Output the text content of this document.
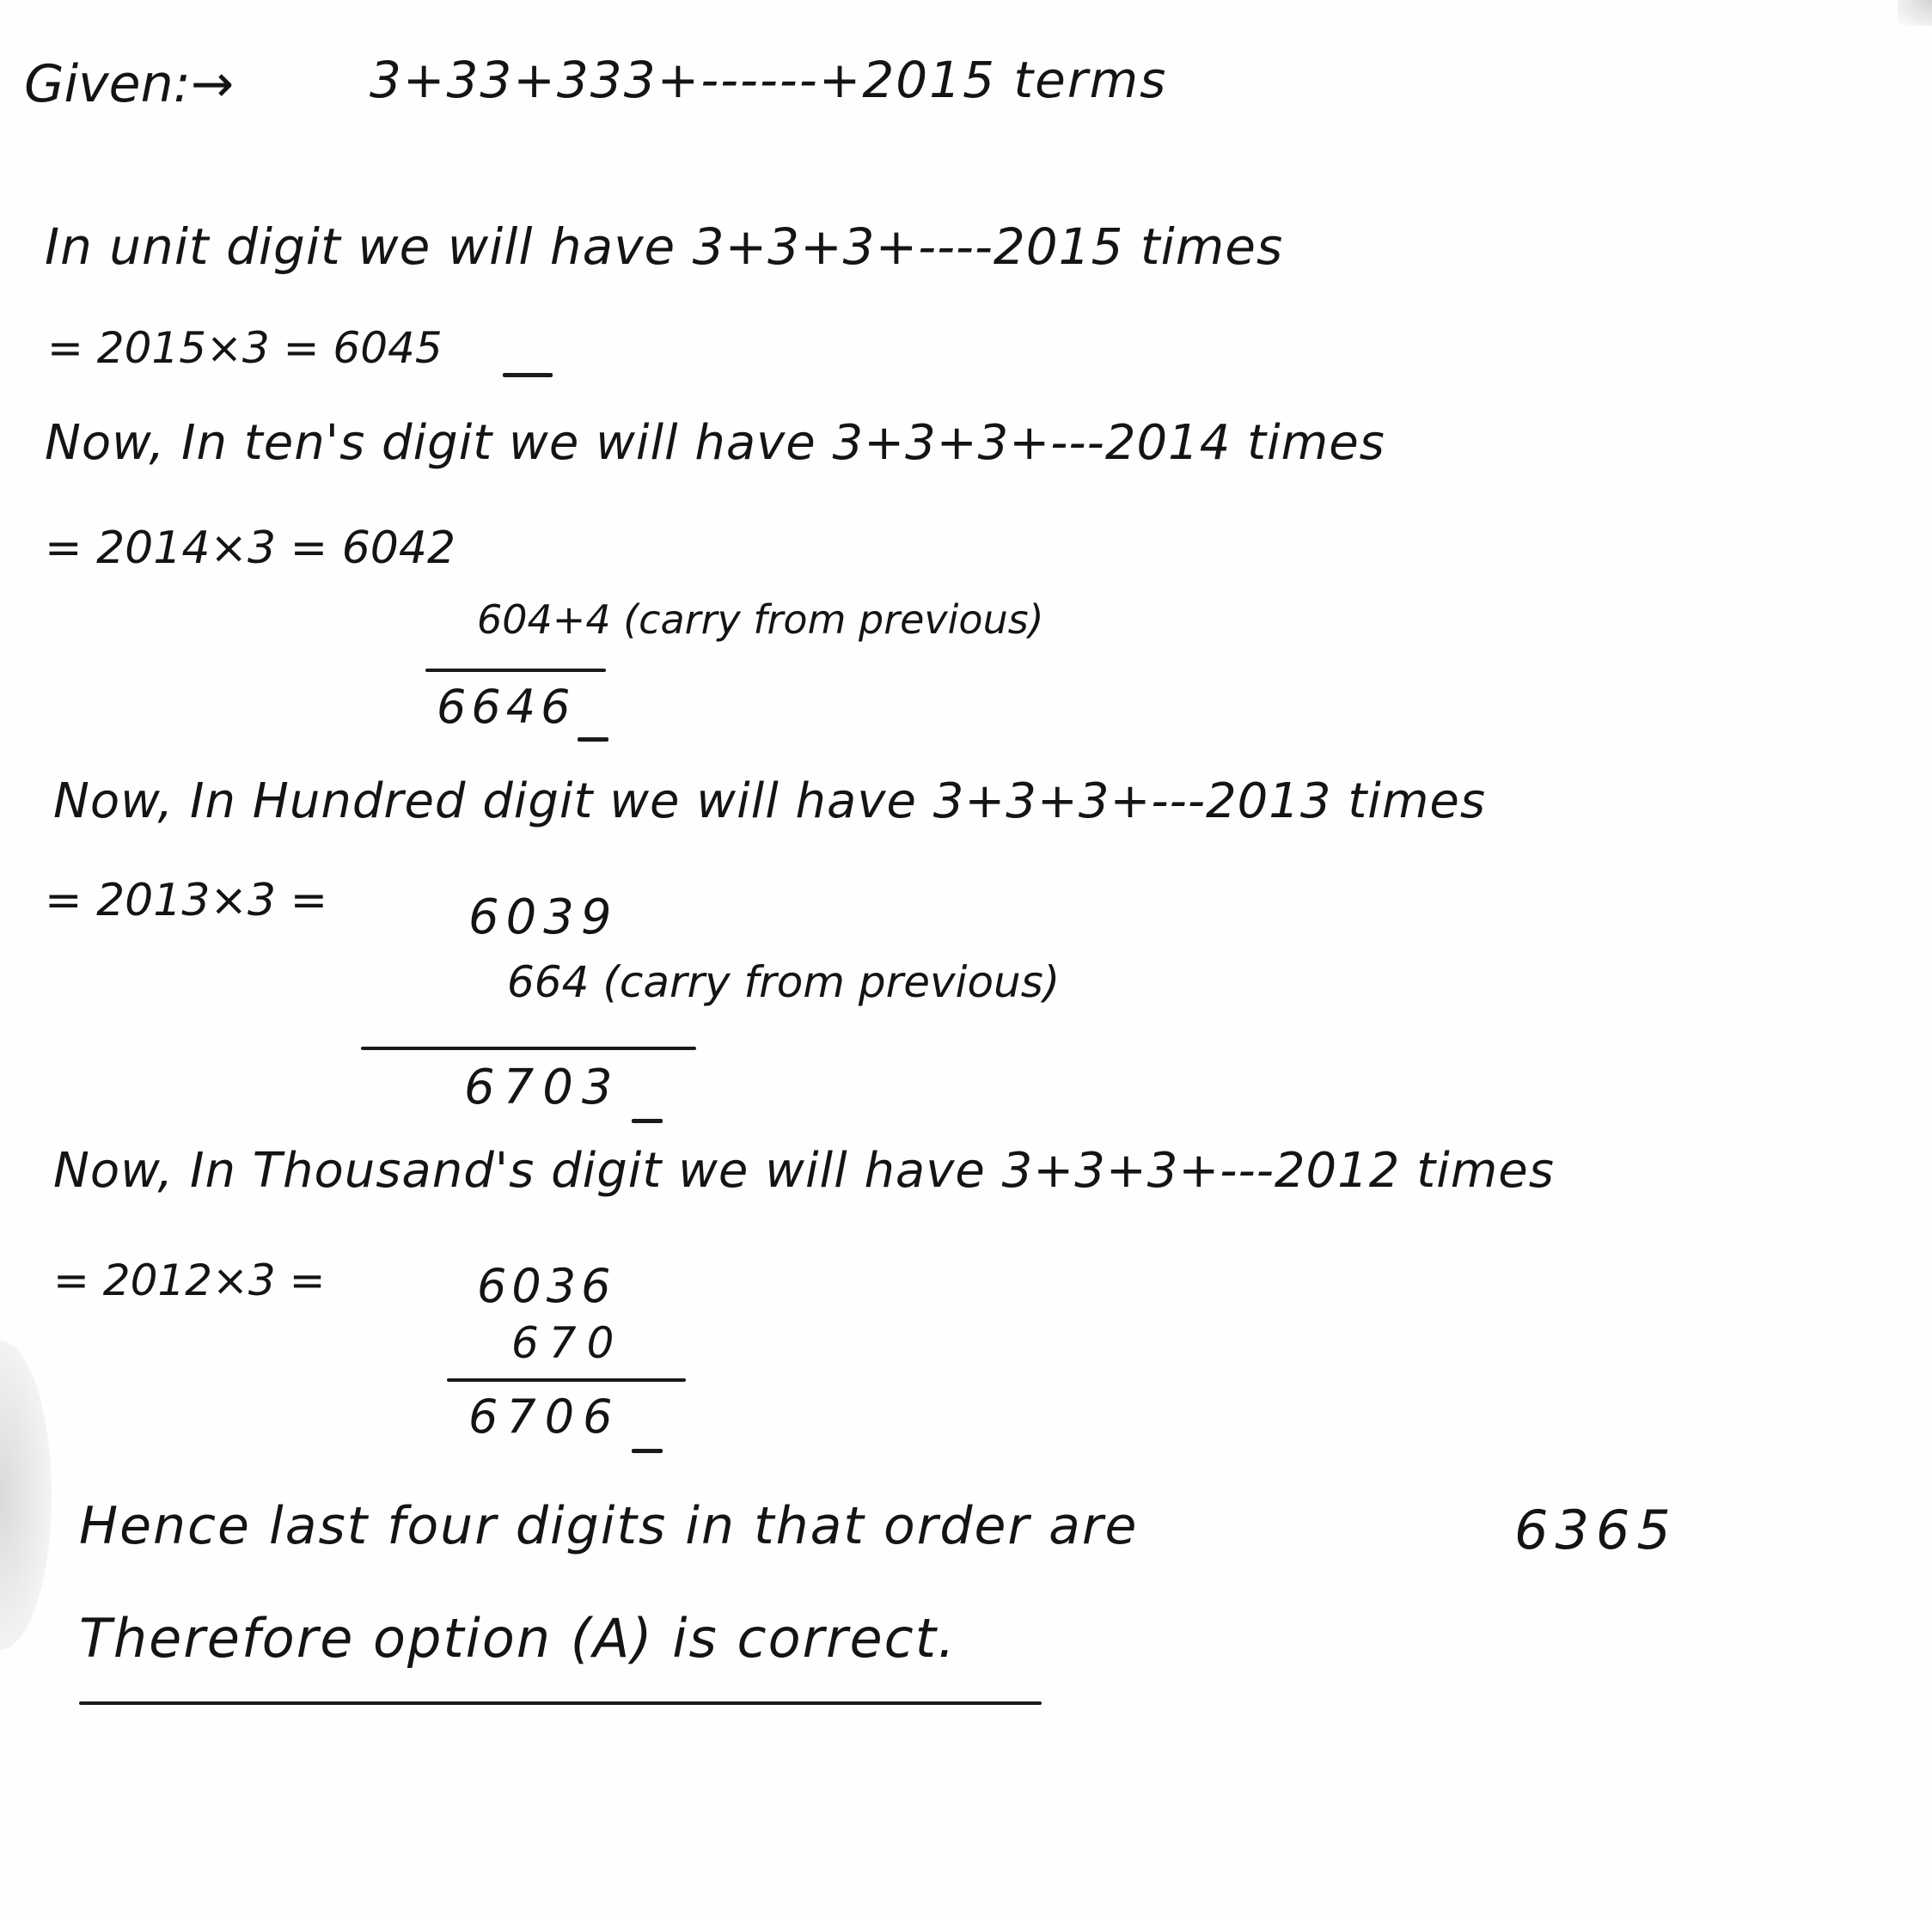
Given:→	3+33+333+------+2015 terms
In unit digit we will have 3+3+3+----2015 times
= 2015×3 = 6045
Now, In ten's digit we will have 3+3+3+---2014 times
= 2014×3 = 6042
604+4 (carry from previous)
6646
Now, In Hundred digit we will have 3+3+3+---2013 times
= 2013×3 =	6039
664 (carry from previous)
6703
Now, In Thousand's digit we will have 3+3+3+---2012 times
= 2012×3 =	6036
670
6706
Hence last four digits in that order are	6365
Therefore option (A) is correct.
